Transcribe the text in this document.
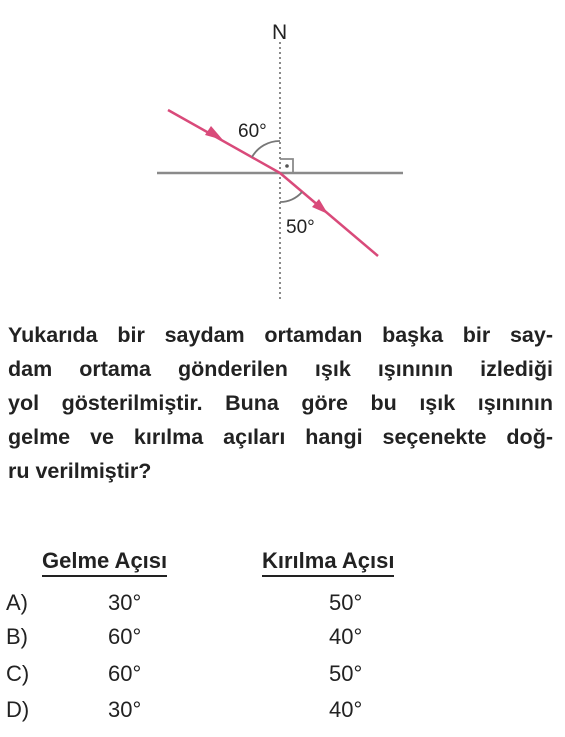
N
60°
50°
Yukarıda bir saydam ortamdan başka bir say-
dam ortama gönderilen ışık ışınının izlediği
yol gösterilmiştir. Buna göre bu ışık ışınının
gelme ve kırılma açıları hangi seçenekte doğ-
ru verilmiştir?
Gelme Açısı	Kırılma Açısı
A)	30°	50°
B)	60°	40°
C)	60°	50°
D)	30°	40°
